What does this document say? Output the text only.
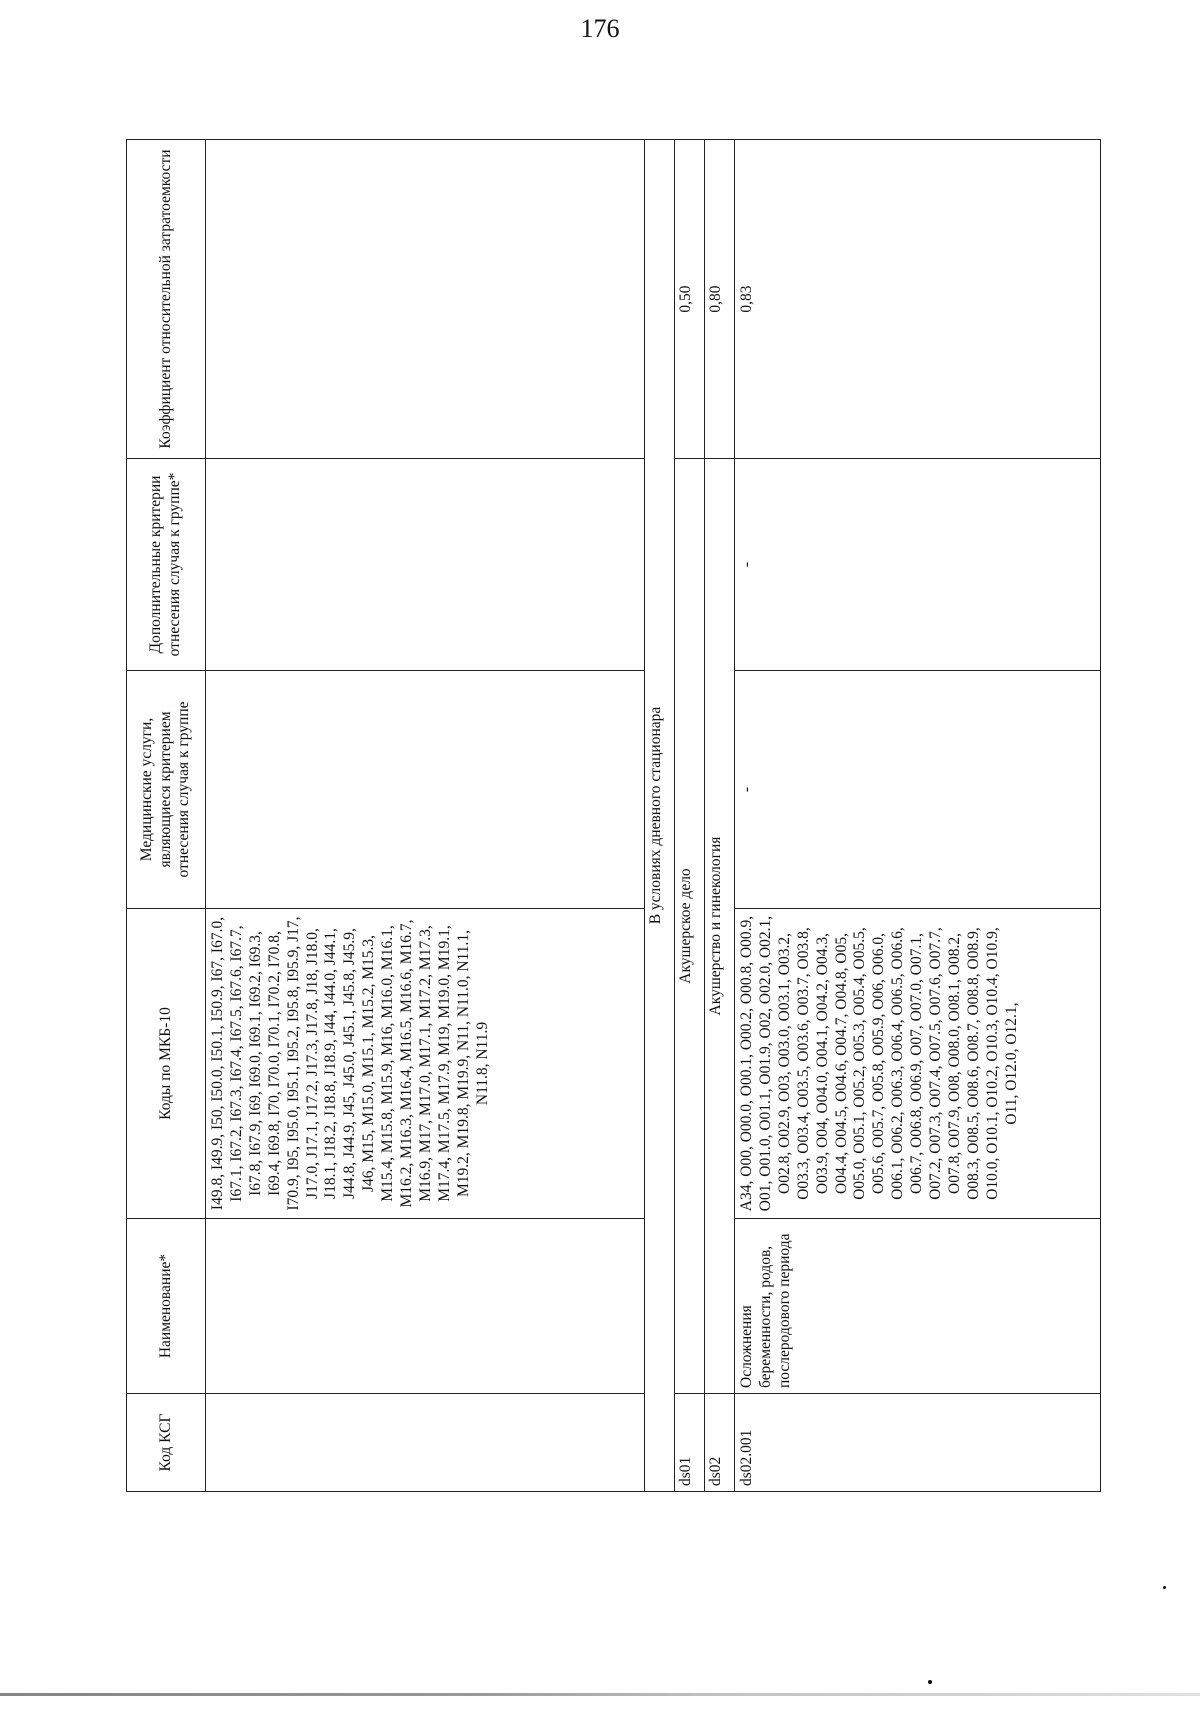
176
Код КСГ	Наименование*	Коды по МКБ-10	Медицинские услуги, являющиеся критерием отнесения случая к группе	Дополнительные критерии отнесения случая к группе*	Коэффициент относительной затратоемкости
		I49.8, I49.9, I50, I50.0, I50.1, I50.9, I67, I67.0, I67.1, I67.2, I67.3, I67.4, I67.5, I67.6, I67.7, I67.8, I67.9, I69, I69.0, I69.1, I69.2, I69.3, I69.4, I69.8, I70, I70.0, I70.1, I70.2, I70.8, I70.9, I95, I95.0, I95.1, I95.2, I95.8, I95.9, J17, J17.0, J17.1, J17.2, J17.3, J17.8, J18, J18.0, J18.1, J18.2, J18.8, J18.9, J44, J44.0, J44.1, J44.8, J44.9, J45, J45.0, J45.1, J45.8, J45.9, J46, M15, M15.0, M15.1, M15.2, M15.3, M15.4, M15.8, M15.9, M16, M16.0, M16.1, M16.2, M16.3, M16.4, M16.5, M16.6, M16.7, M16.9, M17, M17.0, M17.1, M17.2, M17.3, M17.4, M17.5, M17.9, M19, M19.0, M19.1, M19.2, M19.8, M19.9, N11, N11.0, N11.1, N11.8, N11.9			
В условиях дневного стационара					
ds01	Акушерское дело				0,50
ds02	Акушерство и гинекология				0,80
ds02.001	Осложнения беременности, родов, послеродового периода	A34, O00, O00.0, O00.1, O00.2, O00.8, O00.9, O01, O01.0, O01.1, O01.9, O02, O02.0, O02.1, O02.8, O02.9, O03, O03.0, O03.1, O03.2, O03.3, O03.4, O03.5, O03.6, O03.7, O03.8, O03.9, O04, O04.0, O04.1, O04.2, O04.3, O04.4, O04.5, O04.6, O04.7, O04.8, O05, O05.0, O05.1, O05.2, O05.3, O05.4, O05.5, O05.6, O05.7, O05.8, O05.9, O06, O06.0, O06.1, O06.2, O06.3, O06.4, O06.5, O06.6, O06.7, O06.8, O06.9, O07, O07.0, O07.1, O07.2, O07.3, O07.4, O07.5, O07.6, O07.7, O07.8, O07.9, O08, O08.0, O08.1, O08.2, O08.3, O08.5, O08.6, O08.7, O08.8, O08.9, O10.0, O10.1, O10.2, O10.3, O10.4, O10.9, O11, O12.0, O12.1,	-	-	0,83
